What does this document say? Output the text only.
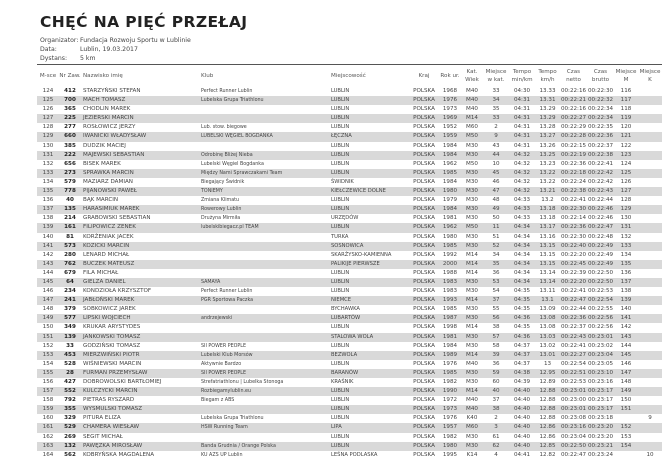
CHĘĆ NA PIĘĆ PRZEŁAJ
Organizator: Fundacja Rozwoju Sportu w Lublinie
Data:	Lublin, 19.03.2017
Dystans:	5 km
M-sce	Nr Zaw.	Nazwisko imię	Klub	Miejscowość	Kraj	Rok ur.	Kat. Wiek	Miejsce w kat.	Tempo min/km	Tempo km/h	Czas netto	Czas brutto	Miejsce M	Miejsce K
124	412	STARZYŃSKI STEFAN	Perfect Runner Lublin	LUBLIN	POLSKA	1968	M40	33	04:30	13.33	00:22:16	00:22:30	116	
125	700	MACH TOMASZ	Lubelska Grupa Triathlonu	LUBLIN	POLSKA	1976	M40	34	04:31	13.31	00:22:21	00:22:32	117	
126	365	CHODLIN MAREK		LUBLIN	POLSKA	1973	M40	35	04:31	13.29	00:22:16	00:22:34	118	
127	225	JEZIERSKI MARCIN		LUBLIN	POLSKA	1969	M14	33	04:31	13.29	00:22:27	00:22:34	119	
128	277	ROSŁOWICZ JERZY	Lub. stow. biegowe	LUBLIN	POLSKA	1952	M60	2	04:31	13.28	00:22:29	00:22:35	120	
129	660	IWANICKI WŁADYSŁAW	LUBELSKI WĘGIEL BOGDANKA	ŁĘCZNA	POLSKA	1959	M50	9	04:31	13.27	00:22:28	00:22:36	121	
130	385	DUDZIK MACIEJ		LUBLIN	POLSKA	1984	M30	43	04:31	13.26	00:22:15	00:22:37	122	
131	222	MAJEWSKI SEBASTIAN	Odrobinę Bliżej Nieba	LUBLIN	POLSKA	1984	M30	44	04:32	13.25	00:22:19	00:22:38	123	
132	656	BISEK MAREK	Lubelski Węgiel Bogdanka	LUBLIN	POLSKA	1962	M50	10	04:32	13.23	00:22:36	00:22:41	124	
133	273	SPRAWKA MARCIN	Między Nami Sprawczakami Team	LUBLIN	POLSKA	1985	M30	45	04:32	13.22	00:22:18	00:22:42	125	
134	579	MAZIARZ DAMIAN	Biegający Świdnik	ŚWIDNIK	POLSKA	1984	M30	46	04:32	13.22	00:22:24	00:22:42	126	
135	778	PIJANOWSKI PAWEŁ	TONIEMY	KIEŁCZEWICE DOLNE	POLSKA	1980	M30	47	04:32	13.21	00:22:38	00:22:43	127	
136	40	BĄK MARCIN	Zmiana Klimatu	LUBLIN	POLSKA	1979	M30	48	04:33	13.2	00:22:41	00:22:44	128	
137	135	HARASIMIUK MAREK	Rowerowy Lublin	LUBLIN	POLSKA	1984	M30	49	04:33	13.18	00:22:30	00:22:46	129	
138	214	GRABOWSKI SEBASTIAN	Drużyna Mirmiła	URZĘDÓW	POLSKA	1981	M30	50	04:33	13.18	00:22:14	00:22:46	130	
139	161	FILIPOWICZ ZENEK	lubelskibiegacz.pl TEAM	LUBLIN	POLSKA	1962	M50	11	04:34	13.17	00:22:36	00:22:47	131	
140	81	KORŻENIAK JACEK		TURKA	POLSKA	1980	M30	51	04:34	13.16	00:22:30	00:22:48	132	
141	573	KOZICKI MARCIN		SOSNOWICA	POLSKA	1985	M30	52	04:34	13.15	00:22:40	00:22:49	133	
142	280	LENARD MICHAŁ		SKARŻYSKO-KAMIENNA	POLSKA	1992	M14	34	04:34	13.15	00:22:20	00:22:49	134	
143	762	BUCZEK MATEUSZ		PALIKIJE PIERWSZE	POLSKA	2000	M14	35	04:34	13.15	00:22:45	00:22:49	135	
144	679	FILA MICHAŁ		LUBLIN	POLSKA	1988	M14	36	04:34	13.14	00:22:39	00:22:50	136	
145	64	GIELZA DANIEL	SAMAYA	LUBLIN	POLSKA	1983	M30	53	04:34	13.14	00:22:20	00:22:50	137	
146	234	KONDZIOŁA KRZYSZTOF	Perfect Runner Lublin	LUBLIN	POLSKA	1983	M30	54	04:35	13.11	00:22:41	00:22:53	138	
147	241	JABŁOŃSKI MAREK	PGR Sportowa Paczka	NIEMCE	POLSKA	1993	M14	37	04:35	13.1	00:22:47	00:22:54	139	
148	379	SOBKOWICZ JAREK		BYCHAWKA	POLSKA	1985	M30	55	04:35	13.09	00:22:44	00:22:55	140	
149	577	LIPSKI WOJCIECH	andrzejewski	LUBARTÓW	POLSKA	1987	M30	56	04:36	13.08	00:22:36	00:22:56	141	
150	349	KRUKAR ARYSTYDES		LUBLIN	POLSKA	1998	M14	38	04:35	13.08	00:22:37	00:22:56	142	
151	139	JANKOWSKI TOMASZ		STALOWA WOLA	POLSKA	1981	M30	57	04:36	13.03	00:22:43	00:23:01	143	
152	33	GODZIŃSKI TOMASZ	SII POWER PEOPLE	LUBLIN	POLSKA	1984	M30	58	04:37	13.02	00:22:41	00:23:02	144	
153	453	MIERZWIŃSKI PIOTR	Lubelski Klub Morsów	BEZWOLA	POLSKA	1989	M14	39	04:37	13.01	00:22:27	00:23:04	145	
154	528	WIŚNIEWSKI MARCIN	Aktywnie Bardzo	LUBLIN	POLSKA	1976	M40	36	04:37	13	00:22:54	00:23:05	146	
155	28	FURMAN PRZEMYSŁAW	SII POWER PEOPLE	BARANÓW	POLSKA	1985	M30	59	04:38	12.95	00:22:51	00:23:10	147	
156	427	DOBROWOLSKI BARTŁOMIEJ	Strefatriathlonu | Lubelka Stonoga	KRAŚNIK	POLSKA	1982	M30	60	04:39	12.89	00:22:53	00:23:16	148	
157	552	KULCZYCKI MARCIN	Rozbiegamylublin.eu	LUBLIN	POLSKA	1990	M14	40	04:40	12.88	00:23:01	00:23:17	149	
158	792	PIETRAS RYSZARD	Biegam z ABS	LUBLIN	POLSKA	1972	M40	37	04:40	12.88	00:23:00	00:23:17	150	
159	355	WYSMULSKI TOMASZ		LUBLIN	POLSKA	1973	M40	38	04:40	12.88	00:23:01	00:23:17	151	
160	329	PITURA ELIZA	Lubelska Grupa Triathlonu	LUBLIN	POLSKA	1976	K40	2	04:40	12.88	00:23:08	00:23:18		9
161	529	CHAMERA WIESŁAW	HSW Running Team	LIPA	POLSKA	1957	M60	3	04:40	12.86	00:23:16	00:23:20	152	
162	269	SEGIT MICHAŁ		LUBLIN	POLSKA	1982	M30	61	04:40	12.86	00:23:04	00:23:20	153	
163	132	PAWĘZKA MIROSŁAW	Banda Grudnia / Orange Polska	LUBLIN	POLSKA	1980	M30	62	04:40	12.85	00:22:50	00:23:21	154	
164	562	KOBRYŃSKA MAGDALENA	KU AZS UP Lublin	LEŚNA PODLASKA	POLSKA	1995	K14	4	04:41	12.82	00:22:47	00:23:24		10
